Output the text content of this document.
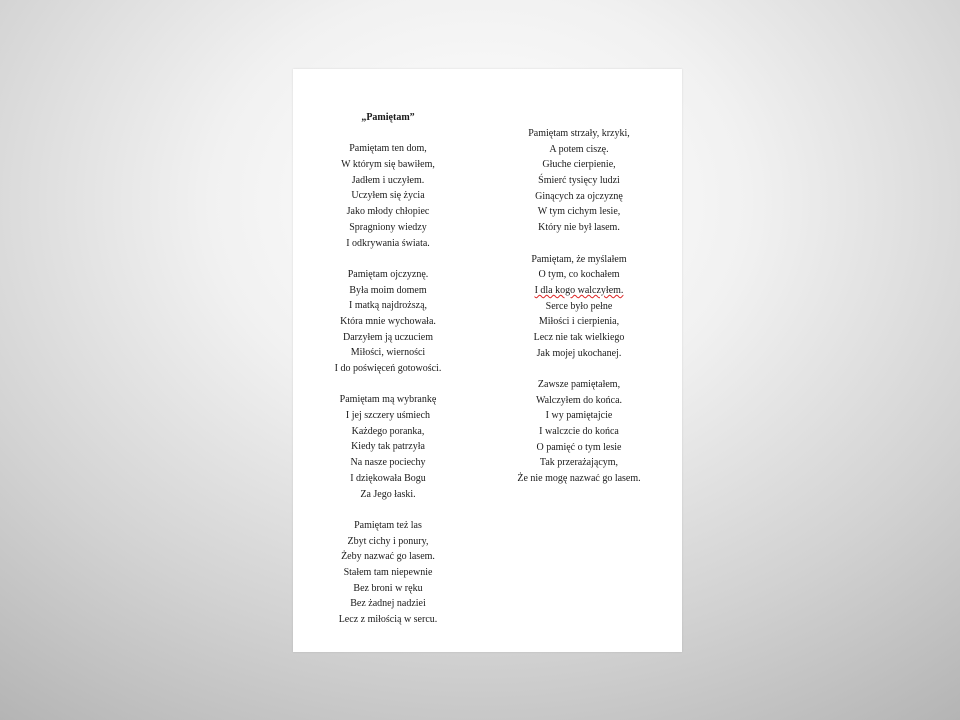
„Pamiętam”
Pamiętam ten dom,
W którym się bawiłem,
Jadłem i uczyłem.
Uczyłem się życia
Jako młody chłopiec
Spragniony wiedzy
I odkrywania świata.
Pamiętam ojczyznę.
Była moim domem
I matką najdroższą,
Która mnie wychowała.
Darzyłem ją uczuciem
Miłości, wierności
I do poświęceń gotowości.
Pamiętam mą wybrankę
I jej szczery uśmiech
Każdego poranka,
Kiedy tak patrzyła
Na nasze pociechy
I dziękowała Bogu
Za Jego łaski.
Pamiętam też las
Zbyt cichy i ponury,
Żeby nazwać go lasem.
Stałem tam niepewnie
Bez broni w ręku
Bez żadnej nadziei
Lecz z miłością w sercu.
Pamiętam strzały, krzyki,
A potem ciszę.
Głuche cierpienie,
Śmierć tysięcy ludzi
Ginących za ojczyznę
W tym cichym lesie,
Który nie był lasem.
Pamiętam, że myślałem
O tym, co kochałem
I dla kogo walczyłem.
Serce było pełne
Miłości i cierpienia,
Lecz nie tak wielkiego
Jak mojej ukochanej.
Zawsze pamiętałem,
Walczyłem do końca.
I wy pamiętajcie
I walczcie do końca
O pamięć o tym lesie
Tak przerażającym,
Że nie mogę nazwać go lasem.
